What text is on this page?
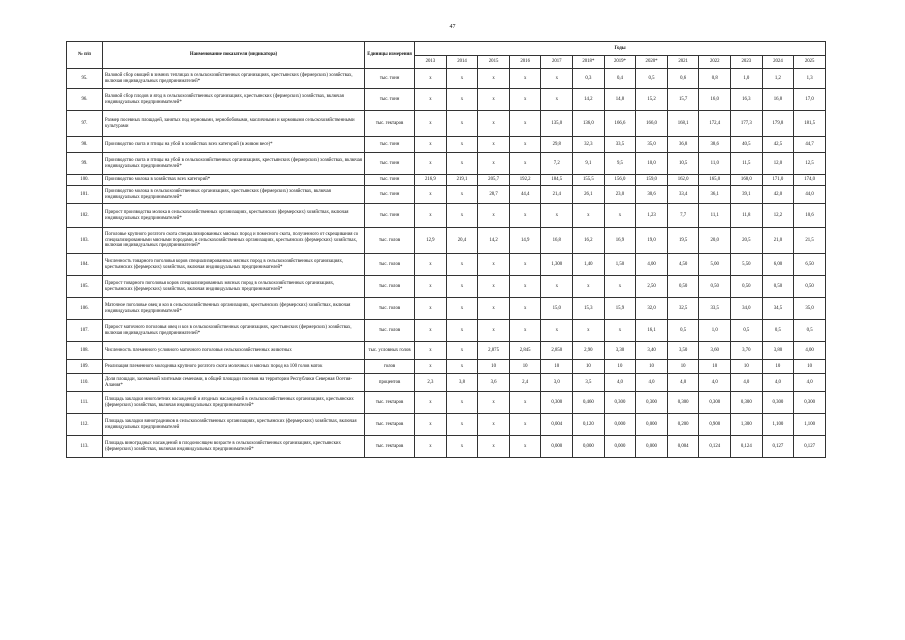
47
№ п/п	Наименование показателя (индикатора)	Единицы измерения	Годы												
			2013	2014	2015	2016	2017	2018*	2019*	2020*	2021	2022	2023	2024	2025
95.	Валовой сбор овощей в зимних теплицах в сельскохозяйственных организациях, крестьянских (фермерских) хозяйствах, включая индивидуальных предпринимателей*	тыс. тонн	x	x	x	x	x	0,3	0,4	0,5	0,6	0,8	1,0	1,2	1,3
96.	Валовой сбор плодов и ягод в сельскохозяйственных организациях, крестьянских (фермерских) хозяйствах, включая индивидуальных предпринимателей*	тыс. тонн	x	x	x	x	x	14,2	14,8	15,2	15,7	16,0	16,3	16,8	17,0
97.	Размер посевных площадей, занятых под зерновыми, зернобобовыми, масличными и кормовыми сельскохозяйственными культурами	тыс. гектаров	x	x	x	x	135,0	136,0	166,6	166,0	168,1	172,4	177,3	179,8	181,5
98.	Производство скота и птицы на убой в хозяйствах всех категорий (в живом весе)*	тыс. тонн	x	x	x	x	29,8	32,3	33,5	35,0	36,8	38,6	40,5	42,5	44,7
99.	Производство скота и птицы на убой в сельскохозяйственных организациях, крестьянских (фермерских) хозяйствах, включая индивидуальных предпринимателей*	тыс. тонн	x	x	x	x	7,2	9,1	9,5	10,0	10,5	11,0	11,5	12,0	12,5
100.	Производство молока в хозяйствах всех категорий*	тыс. тонн	216,9	219,1	205,7	192,2	184,5	155,5	156,0	159,0	162,0	165,0	168,0	171,0	174,0
101.	Производство молока в сельскохозяйственных организациях, крестьянских (фермерских) хозяйствах, включая индивидуальных предпринимателей*	тыс. тонн	x	x	28,7	44,4	21,4	26,1	23,0	30,6	33,4	36,1	39,1	42,0	44,0
102.	Прирост производства молока в сельскохозяйственных организациях, крестьянских (фермерских) хозяйствах, включая индивидуальных предпринимателей*	тыс. тонн	x	x	x	x	x	x	x	1,23	7,7	11,1	11,8	12,2	10,6
103.	Поголовье крупного рогатого скота специализированных мясных пород и помесного скота, полученного от скрещивания со специализированными мясными породами, в сельскохозяйственных организациях, крестьянских (фермерских) хозяйствах, включая индивидуальных предпринимателей*	тыс. голов	12,9	20,4	14,2	14,9	16,8	16,2	16,9	19,0	19,5	20,0	20,5	21,0	21,5
104.	Численность товарного поголовья коров специализированных мясных пород в сельскохозяйственных организациях, крестьянских (фермерских) хозяйствах, включая индивидуальных предпринимателей*	тыс. голов	x	x	x	x	1,300	1,40	1,50	4,00	4,50	5,00	5,50	6,00	6,50
105.	Прирост товарного поголовья коров специализированных мясных пород в сельскохозяйственных организациях, крестьянских (фермерских) хозяйствах, включая индивидуальных предпринимателей*	тыс. голов	x	x	x	x	x	x	x	2,50	0,50	0,50	0,50	0,50	0,50
106.	Маточное поголовье овец и коз в сельскохозяйственных организациях, крестьянских (фермерских) хозяйствах, включая индивидуальных предпринимателей*	тыс. голов	x	x	x	x	15,0	15,3	15,9	32,0	32,5	33,5	34,0	34,5	35,0
107.	Прирост маточного поголовья овец и коз в сельскохозяйственных организациях, крестьянских (фермерских) хозяйствах, включая индивидуальных предпринимателей*	тыс. голов	x	x	x	x	x	x	x	16,1	0,5	1,0	0,5	0,5	0,5
108.	Численность племенного условного маточного поголовья сельскохозяйственных животных	тыс. условных голов	x	x	2,875	2,845	2,850	2,90	3,30	3,40	3,50	3,60	3,70	3,80	4,00
109.	Реализация племенного молодняка крупного рогатого скота молочных и мясных пород на 100 голов маток	голов	x	x	10	10	10	10	10	10	10	10	10	10	10
110.	Доля площади, засеваемой элитными семенами, в общей площади посевов на территории Республики Северная Осетия-Алания*	процентов	2,3	3,8	3,6	2,4	3,0	3,5	4,0	4,0	4,0	4,0	4,0	4,0	4,0
111.	Площадь закладки многолетних насаждений и ягодных насаждений в сельскохозяйственных организациях, крестьянских (фермерских) хозяйствах, включая индивидуальных предпринимателей*	тыс. гектаров	x	x	x	x	0,300	0,460	0,300	0,300	0,300	0,300	0,300	0,300	0,300
112.	Площадь закладки виноградников в сельскохозяйственных организациях, крестьянских (фермерских) хозяйствах, включая индивидуальных предпринимателей	тыс. гектаров	x	x	x	x	0,004	0,120	0,000	0,000	0,200	0,900	1,300	1,100	1,100
113.	Площадь виноградных насаждений в плодоносящем возрасте в сельскохозяйственных организациях, крестьянских (фермерских) хозяйствах, включая индивидуальных предпринимателей*	тыс. гектаров	x	x	x	x	0,000	0,000	0,000	0,000	0,004	0,124	0,124	0,127	0,127
